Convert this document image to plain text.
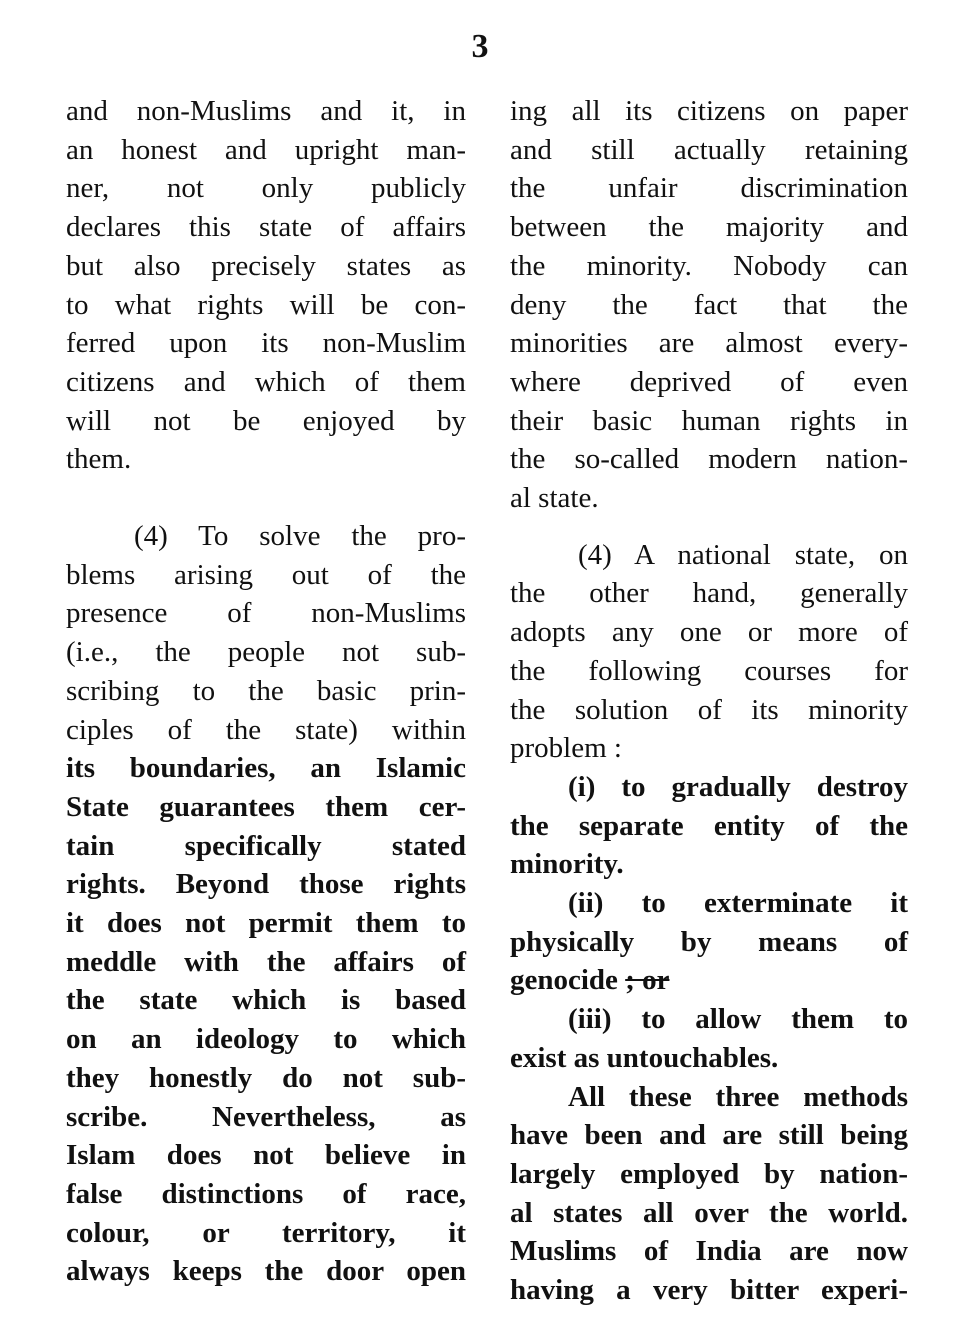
3
and non-Muslims and it, in
an honest and upright man-
ner, not only publicly
declares this state of affairs
but also precisely states as
to what rights will be con-
ferred upon its non-Muslim
citizens and which of them
will not be enjoyed by
them.
(4) To solve the pro-
blems arising out of the
presence of non-Muslims
(i.e., the people not sub-
scribing to the basic prin-
ciples of the state) within
its boundaries, an Islamic
State guarantees them cer-
tain specifically stated
rights. Beyond those rights
it does not permit them to
meddle with the affairs of
the state which is based
on an ideology to which
they honestly do not sub-
scribe. Nevertheless, as
Islam does not believe in
false distinctions of race,
colour, or territory, it
always keeps the door open
ing all its citizens on paper
and still actually retaining
the unfair discrimination
between the majority and
the minority. Nobody can
deny the fact that the
minorities are almost every-
where deprived of even
their basic human rights in
the so-called modern nation-
al state.
(4) A national state, on
the other hand, generally
adopts any one or more of
the following courses for
the solution of its minority
problem :
(i) to gradually destroy
the separate entity of the
minority.
(ii) to exterminate it
physically by means of
genocide ; or
(iii) to allow them to
exist as untouchables.
All these three methods
have been and are still being
largely employed by nation-
al states all over the world.
Muslims of India are now
having a very bitter experi-
